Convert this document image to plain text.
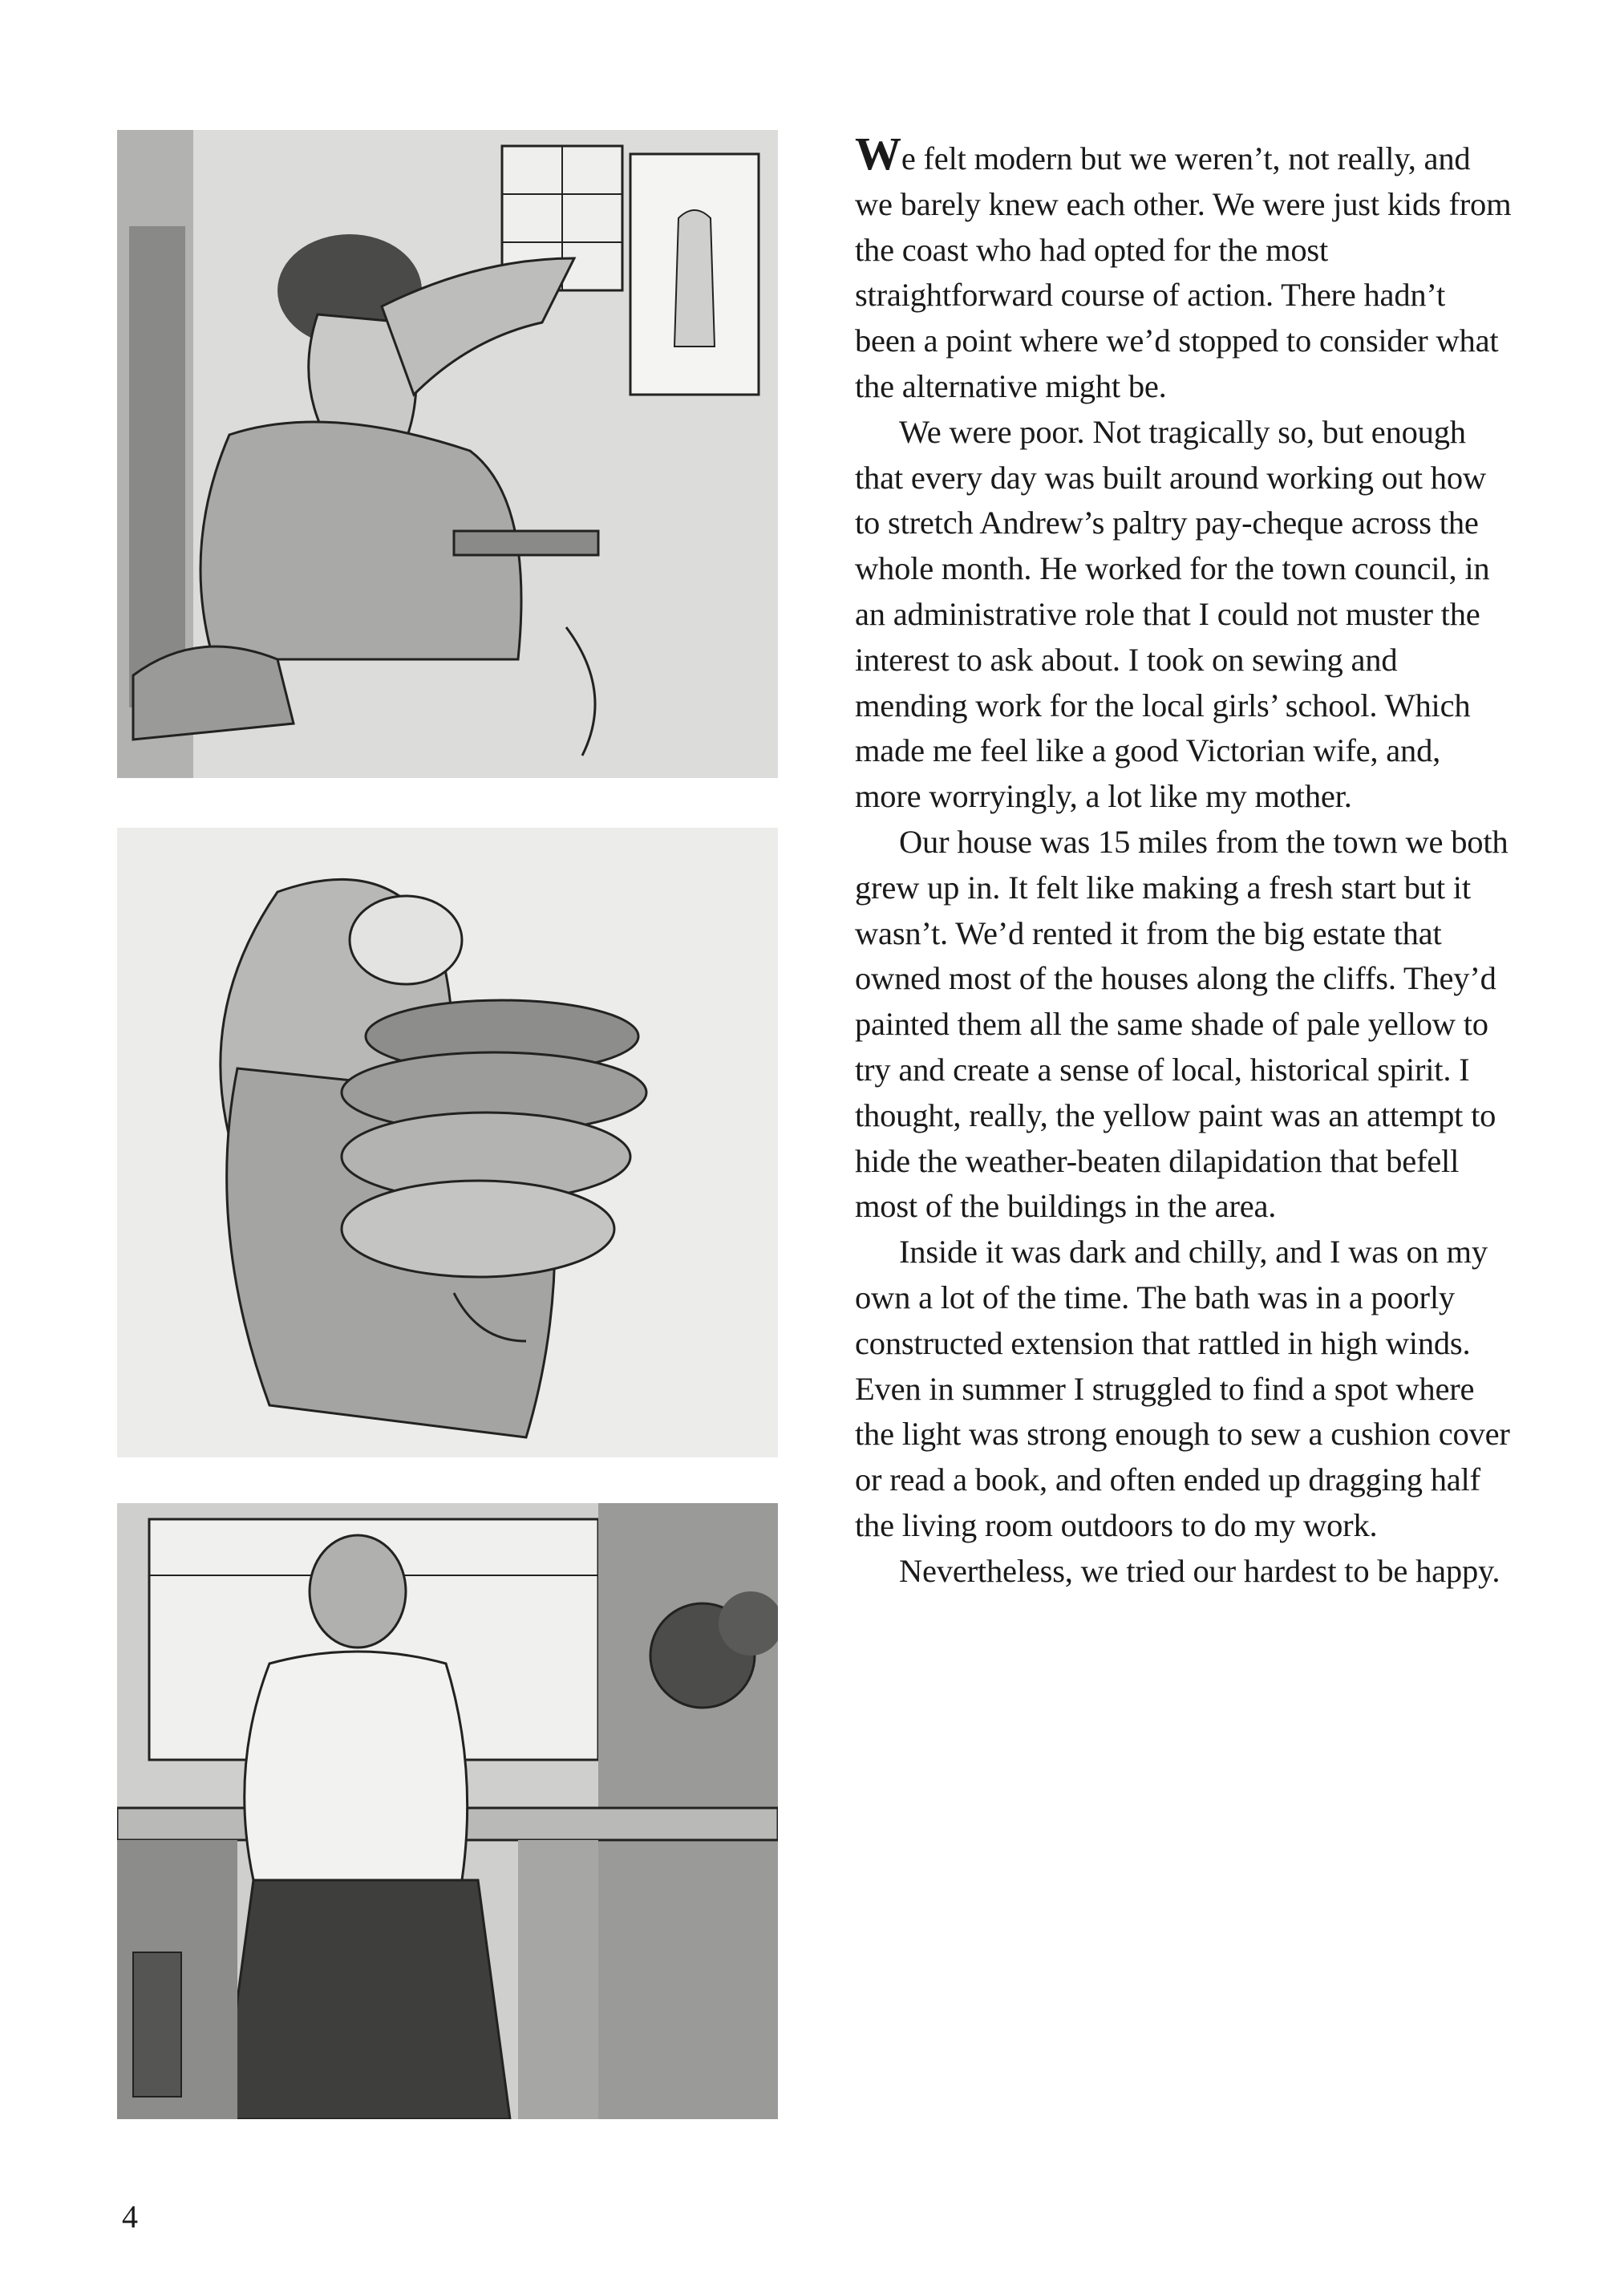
We felt modern but we weren’t, not really, and we barely knew each other. We were just kids from the coast who had opted for the most straightforward course of action. There hadn’t been a point where we’d stopped to consider what the alternative might be.

We were poor. Not tragically so, but enough that every day was built around working out how to stretch Andrew’s paltry pay-cheque across the whole month. He worked for the town council, in an administrative role that I could not muster the interest to ask about. I took on sewing and mending work for the local girls’ school. Which made me feel like a good Victorian wife, and, more worryingly, a lot like my mother.

Our house was 15 miles from the town we both grew up in. It felt like making a fresh start but it wasn’t. We’d rented it from the big estate that owned most of the houses along the cliffs. They’d painted them all the same shade of pale yellow to try and create a sense of local, historical spirit. I thought, really, the yellow paint was an attempt to hide the weather-beaten dilapidation that befell most of the buildings in the area.

Inside it was dark and chilly, and I was on my own a lot of the time. The bath was in a poorly constructed extension that rattled in high winds. Even in summer I struggled to find a spot where the light was strong enough to sew a cushion cover or read a book, and often ended up dragging half the living room outdoors to do my work.

Nevertheless, we tried our hardest to be happy.

4
